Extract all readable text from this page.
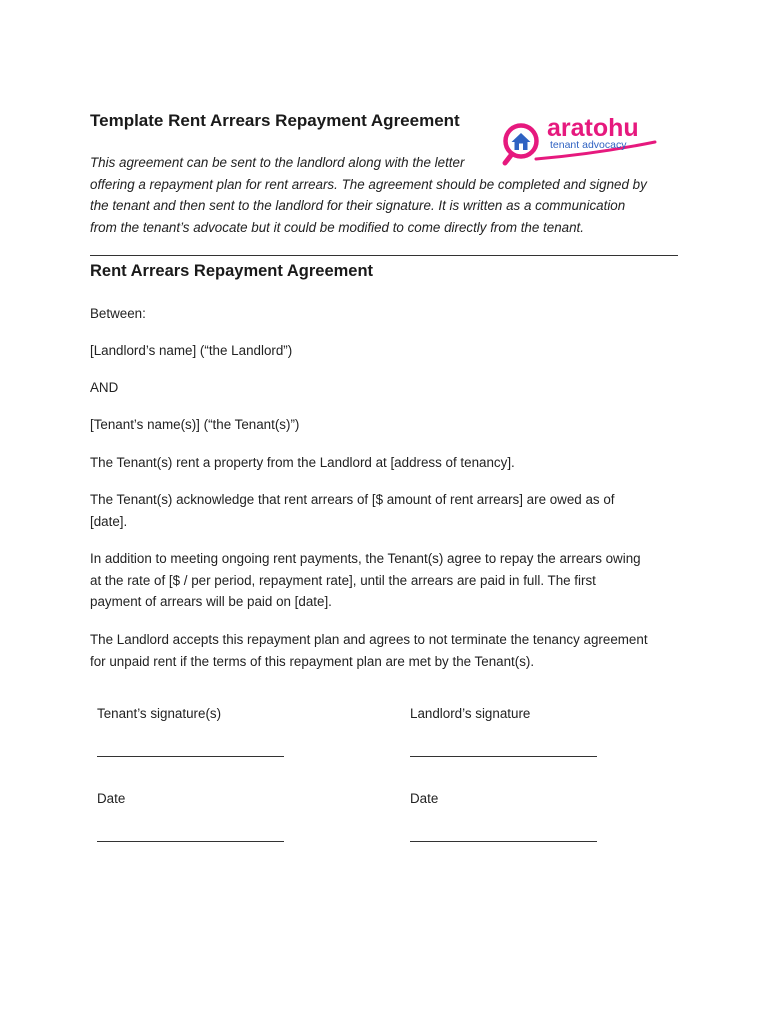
Template Rent Arrears Repayment Agreement	aratohu
tenant advocacy

This agreement can be sent to the landlord along with the letter
offering a repayment plan for rent arrears. The agreement should be completed and signed by
the tenant and then sent to the landlord for their signature. It is written as a communication
from the tenant’s advocate but it could be modified to come directly from the tenant.

Rent Arrears Repayment Agreement

Between:

[Landlord’s name] (“the Landlord”)

AND

[Tenant’s name(s)] (“the Tenant(s)”)

The Tenant(s) rent a property from the Landlord at [address of tenancy].

The Tenant(s) acknowledge that rent arrears of [$ amount of rent arrears] are owed as of
[date].

In addition to meeting ongoing rent payments, the Tenant(s) agree to repay the arrears owing
at the rate of [$ / per period, repayment rate], until the arrears are paid in full. The first
payment of arrears will be paid on [date].

The Landlord accepts this repayment plan and agrees to not terminate the tenancy agreement
for unpaid rent if the terms of this repayment plan are met by the Tenant(s).

Tenant’s signature(s)	Landlord’s signature

Date	Date
